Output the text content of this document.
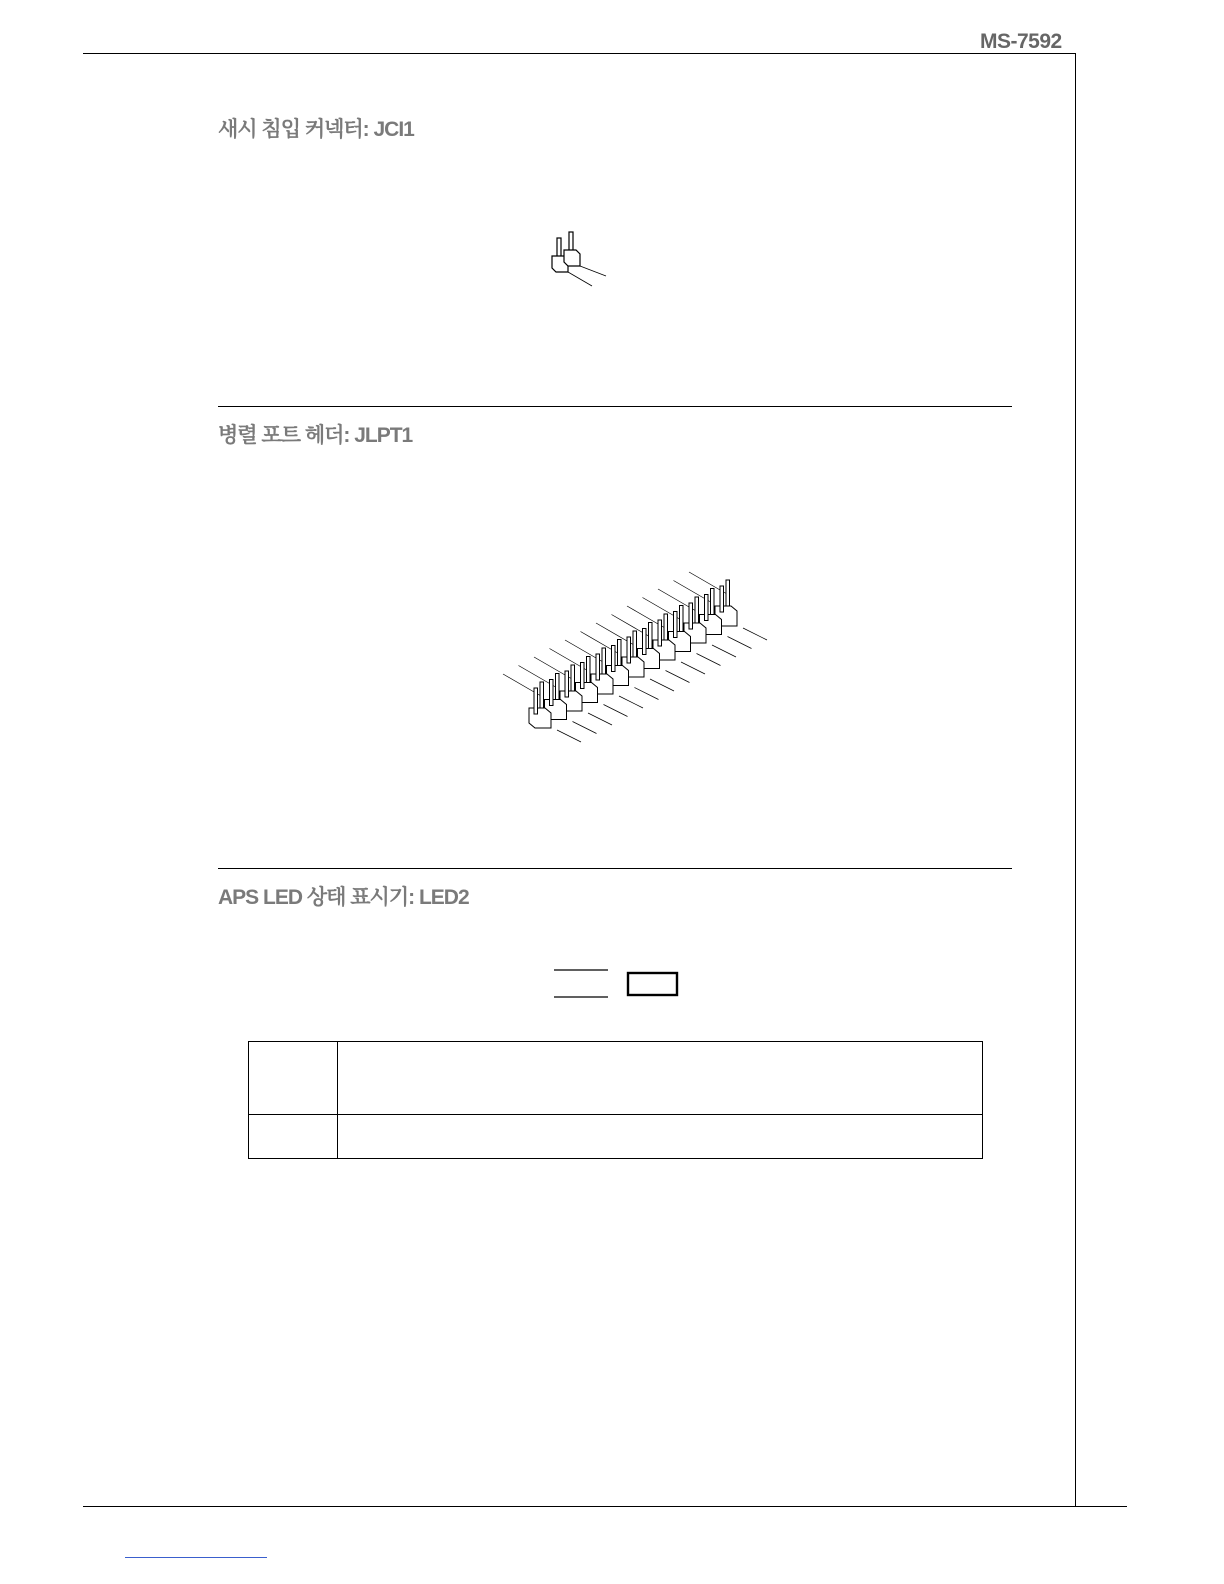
MS-7592
새시 침입 커넥터: JCI1
병렬 포트 헤더: JLPT1
APS LED 상태 표시기: LED2
